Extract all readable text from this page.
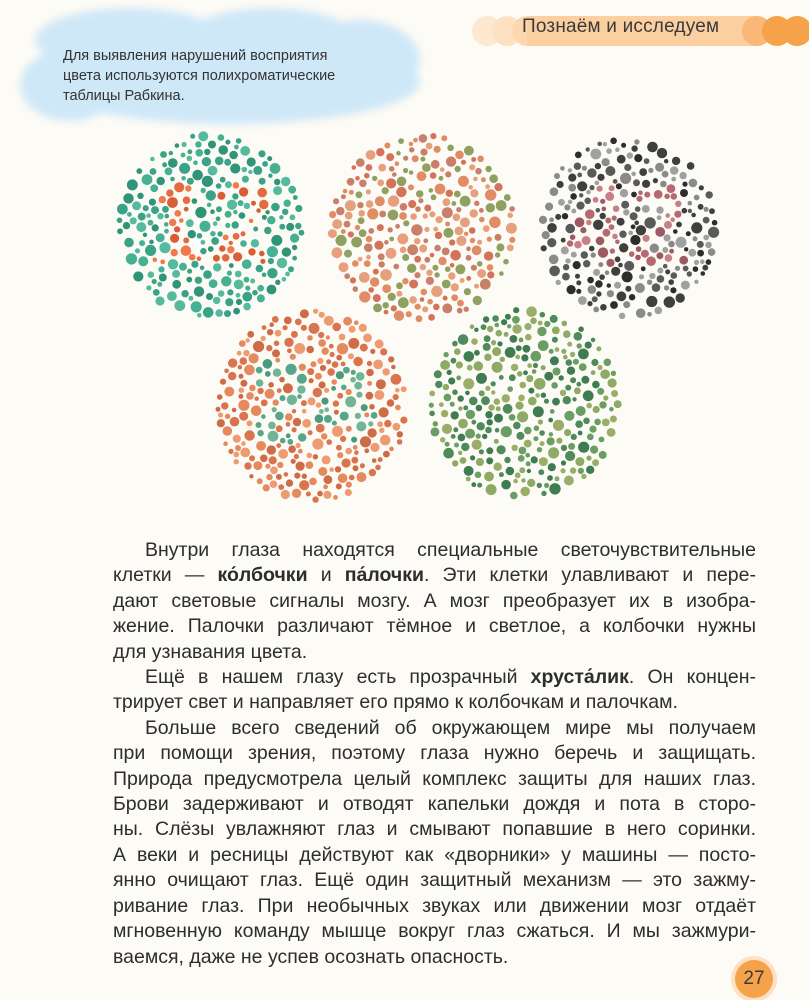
Познаём и исследуем
Для выявления нарушений восприятия
цвета используются полихроматические
таблицы Рабкина.
Внутри глаза находятся специальные светочувствительные
клетки — ко́лбочки и па́лочки. Эти клетки улавливают и пере-
дают световые сигналы мозгу. А мозг преобразует их в изобра-
жение. Палочки различают тёмное и светлое, а колбочки нужны
для узнавания цвета.
Ещё в нашем глазу есть прозрачный хруста́лик. Он концен-
трирует свет и направляет его прямо к колбочкам и палочкам.
Больше всего сведений об окружающем мире мы получаем
при помощи зрения, поэтому глаза нужно беречь и защищать.
Природа предусмотрела целый комплекс защиты для наших глаз.
Брови задерживают и отводят капельки дождя и пота в сторо-
ны. Слёзы увлажняют глаз и смывают попавшие в него соринки.
А веки и ресницы действуют как «дворники» у машины — посто-
янно очищают глаз. Ещё один защитный механизм — это зажму-
ривание глаз. При необычных звуках или движении мозг отдаёт
мгновенную команду мышце вокруг глаз сжаться. И мы зажмури-
ваемся, даже не успев осознать опасность.
27
